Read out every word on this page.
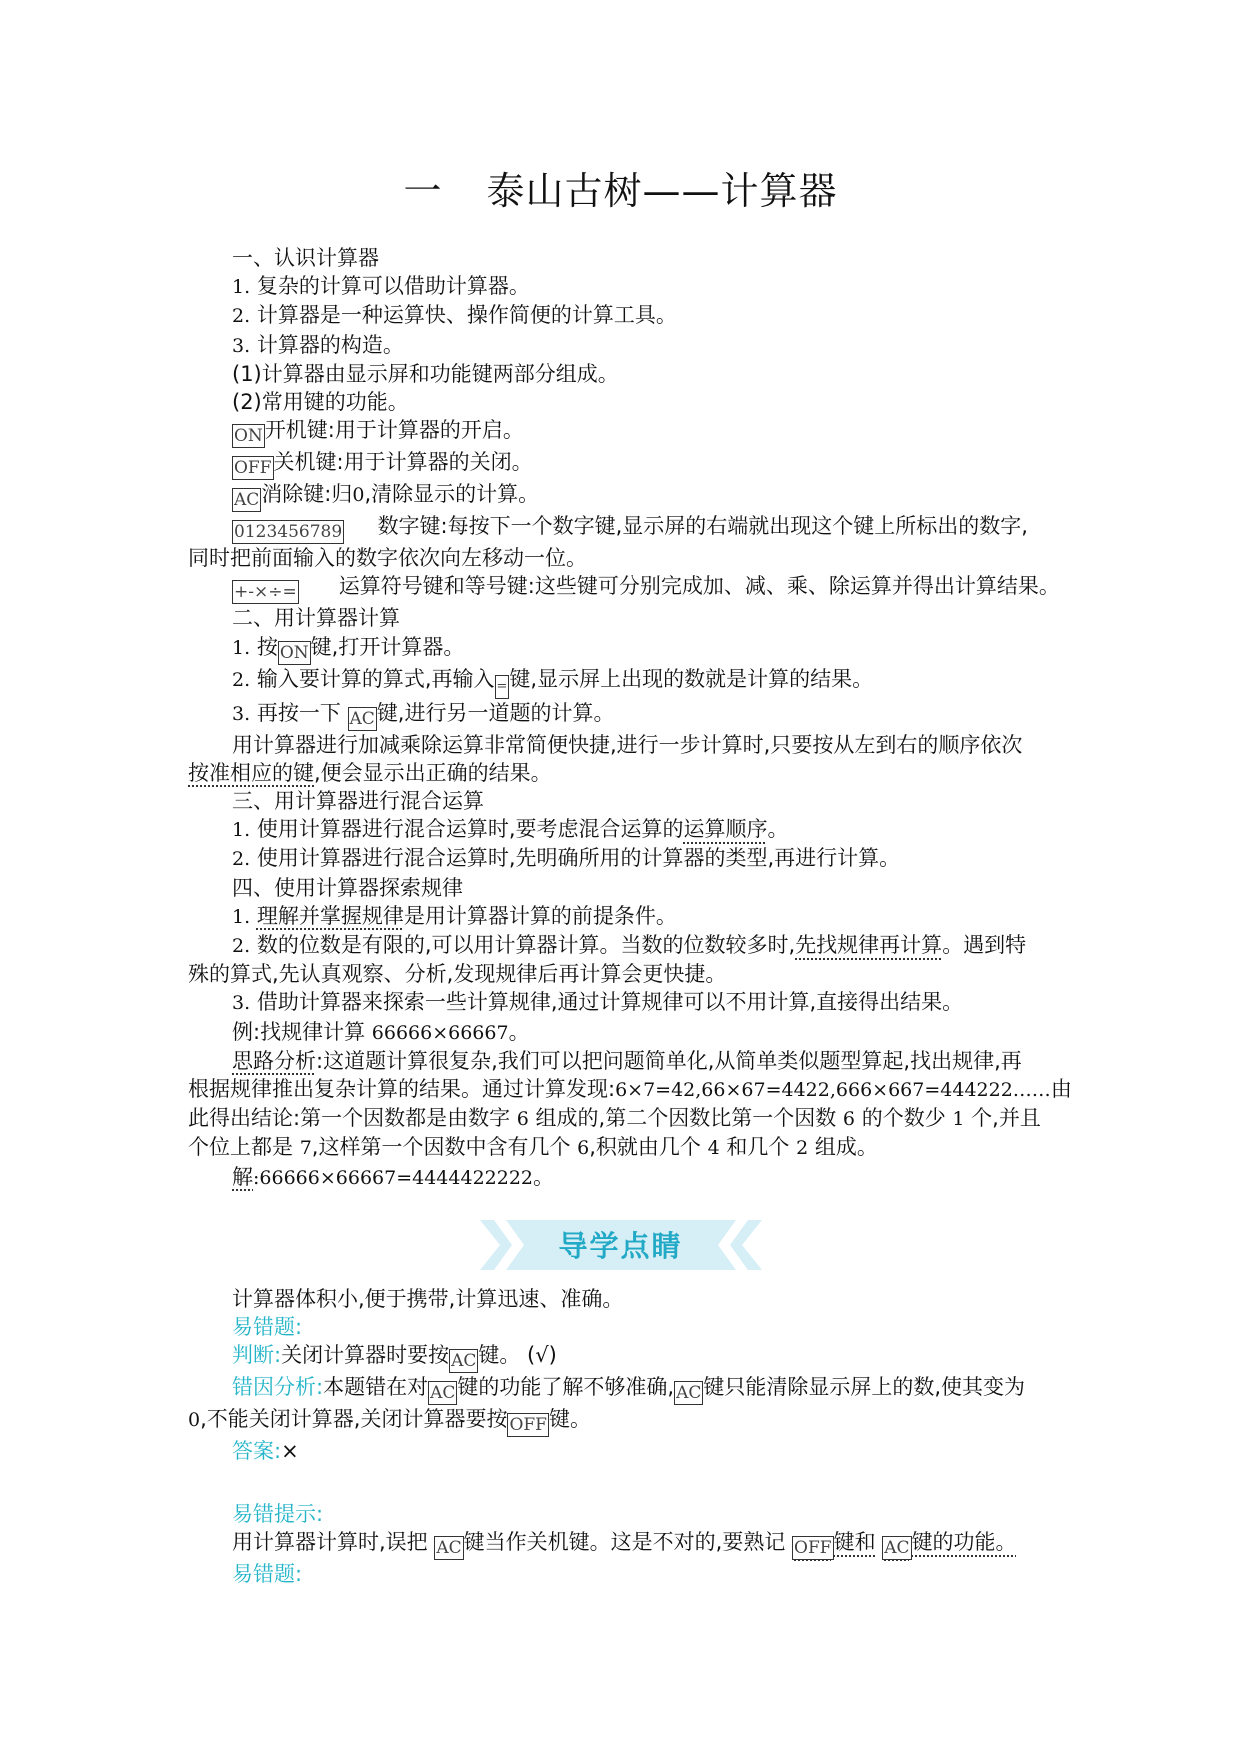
一 泰山古树——计算器
一、认识计算器
1. 复杂的计算可以借助计算器。
2. 计算器是一种运算快、操作简便的计算工具。
3. 计算器的构造。
(1)计算器由显示屏和功能键两部分组成。
(2)常用键的功能。
ON开机键:用于计算器的开启。
OFF关机键:用于计算器的关闭。
AC消除键:归0,清除显示的计算。
0123456789 数字键:每按下一个数字键,显示屏的右端就出现这个键上所标出的数字,
同时把前面输入的数字依次向左移动一位。
+-×÷= 运算符号键和等号键:这些键可分别完成加、减、乘、除运算并得出计算结果。
二、用计算器计算
1. 按 ON键,打开计算器。
2. 输入要计算的算式,再输入 =键,显示屏上出现的数就是计算的结果。
3. 再按一下 AC键,进行另一道题的计算。
用计算器进行加减乘除运算非常简便快捷,进行一步计算时,只要按从左到右的顺序依次
按准相应的键,便会显示出正确的结果。
三、用计算器进行混合运算
1. 使用计算器进行混合运算时,要考虑混合运算的运算顺序。
2. 使用计算器进行混合运算时,先明确所用的计算器的类型,再进行计算。
四、使用计算器探索规律
1. 理解并掌握规律是用计算器计算的前提条件。
2. 数的位数是有限的,可以用计算器计算。当数的位数较多时,先找规律再计算。遇到特
殊的算式,先认真观察、分析,发现规律后再计算会更快捷。
3. 借助计算器来探索一些计算规律,通过计算规律可以不用计算,直接得出结果。
例:找规律计算 66666×66667。
思路分析:这道题计算很复杂,我们可以把问题简单化,从简单类似题型算起,找出规律,再
根据规律推出复杂计算的结果。通过计算发现:6×7=42,66×67=4422,666×667=444222……由
此得出结论:第一个因数都是由数字 6 组成的,第二个因数比第一个因数 6 的个数少 1 个,并且
个位上都是 7,这样第一个因数中含有几个 6,积就由几个 4 和几个 2 组成。
解:66666×66667=4444422222。
导学点睛
计算器体积小,便于携带,计算迅速、准确。
易错题:
判断:关闭计算器时要按 AC键。 (√)
错因分析:本题错在对 AC键的功能了解不够准确, AC键只能清除显示屏上的数,使其变为
0,不能关闭计算器,关闭计算器要按 OFF键。
答案:×
易错提示:
用计算器计算时,误把 AC键当作关机键。这是不对的,要熟记 OFF键和 AC键的功能。
易错题:
